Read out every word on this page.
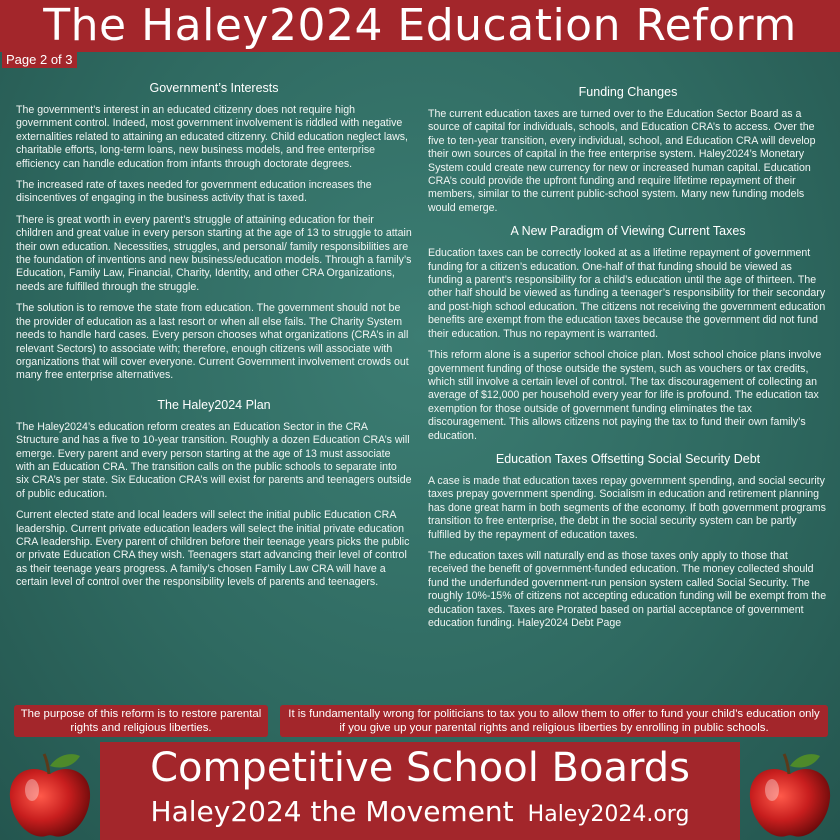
The Haley2024 Education Reform
Page 2 of 3
Government’s Interests

The government’s interest in an educated citizenry does not require high government control. Indeed, most government involvement is riddled with negative externalities related to attaining an educated citizenry. Child education neglect laws, charitable efforts, long-term loans, new business models, and free enterprise efficiency can handle education from infants through doctorate degrees.

The increased rate of taxes needed for government education increases the disincentives of engaging in the business activity that is taxed.

There is great worth in every parent’s struggle of attaining education for their children and great value in every person starting at the age of 13 to struggle to attain their own education. Necessities, struggles, and personal/ family responsibilities are the foundation of inventions and new business/education models. Through a family’s Education, Family Law, Financial, Charity, Identity, and other CRA Organizations, needs are fulfilled through the struggle.

The solution is to remove the state from education. The government should not be the provider of education as a last resort or when all else fails. The Charity System needs to handle hard cases. Every person chooses what organizations (CRA’s in all relevant Sectors) to associate with; therefore, enough citizens will associate with organizations that will cover everyone. Current Government involvement crowds out many free enterprise alternatives.

The Haley2024 Plan

The Haley2024’s education reform creates an Education Sector in the CRA Structure and has a five to 10-year transition. Roughly a dozen Education CRA’s will emerge. Every parent and every person starting at the age of 13 must associate with an Education CRA. The transition calls on the public schools to separate into six CRA’s per state. Six Education CRA’s will exist for parents and teenagers outside of public education.

Current elected state and local leaders will select the initial public Education CRA leadership. Current private education leaders will select the initial private education CRA leadership. Every parent of children before their teenage years picks the public or private Education CRA they wish. Teenagers start advancing their level of control as their teenage years progress. A family’s chosen Family Law CRA will have a certain level of control over the responsibility levels of parents and teenagers.

Funding Changes

The current education taxes are turned over to the Education Sector Board as a source of capital for individuals, schools, and Education CRA’s to access. Over the five to ten-year transition, every individual, school, and Education CRA will develop their own sources of capital in the free enterprise system. Haley2024’s Monetary System could create new currency for new or increased human capital. Education CRA’s could provide the upfront funding and require lifetime repayment of their members, similar to the current public-school system. Many new funding models would emerge.

A New Paradigm of Viewing Current Taxes

Education taxes can be correctly looked at as a lifetime repayment of government funding for a citizen’s education. One-half of that funding should be viewed as funding a parent’s responsibility for a child’s education until the age of thirteen. The other half should be viewed as funding a teenager’s responsibility for their secondary and post-high school education. The citizens not receiving the government education benefits are exempt from the education taxes because the government did not fund their education. Thus no repayment is warranted.

This reform alone is a superior school choice plan. Most school choice plans involve government funding of those outside the system, such as vouchers or tax credits, which still involve a certain level of control. The tax discouragement of collecting an average of $12,000 per household every year for life is profound. The education tax exemption for those outside of government funding eliminates the tax discouragement. This allows citizens not paying the tax to fund their own family’s education.

Education Taxes Offsetting Social Security Debt

A case is made that education taxes repay government spending, and social security taxes prepay government spending. Socialism in education and retirement planning has done great harm in both segments of the economy. If both government programs transition to free enterprise, the debt in the social security system can be partly fulfilled by the repayment of education taxes.

The education taxes will naturally end as those taxes only apply to those that received the benefit of government-funded education. The money collected should fund the underfunded government-run pension system called Social Security. The roughly 10%-15% of citizens not accepting education funding will be exempt from the education taxes. Taxes are Prorated based on partial acceptance of government education funding. Haley2024 Debt Page

The purpose of this reform is to restore parental rights and religious liberties.
It is fundamentally wrong for politicians to tax you to allow them to offer to fund your child’s education only if you give up your parental rights and religious liberties by enrolling in public schools.
Competitive School Boards
Haley2024 the Movement Haley2024.org
